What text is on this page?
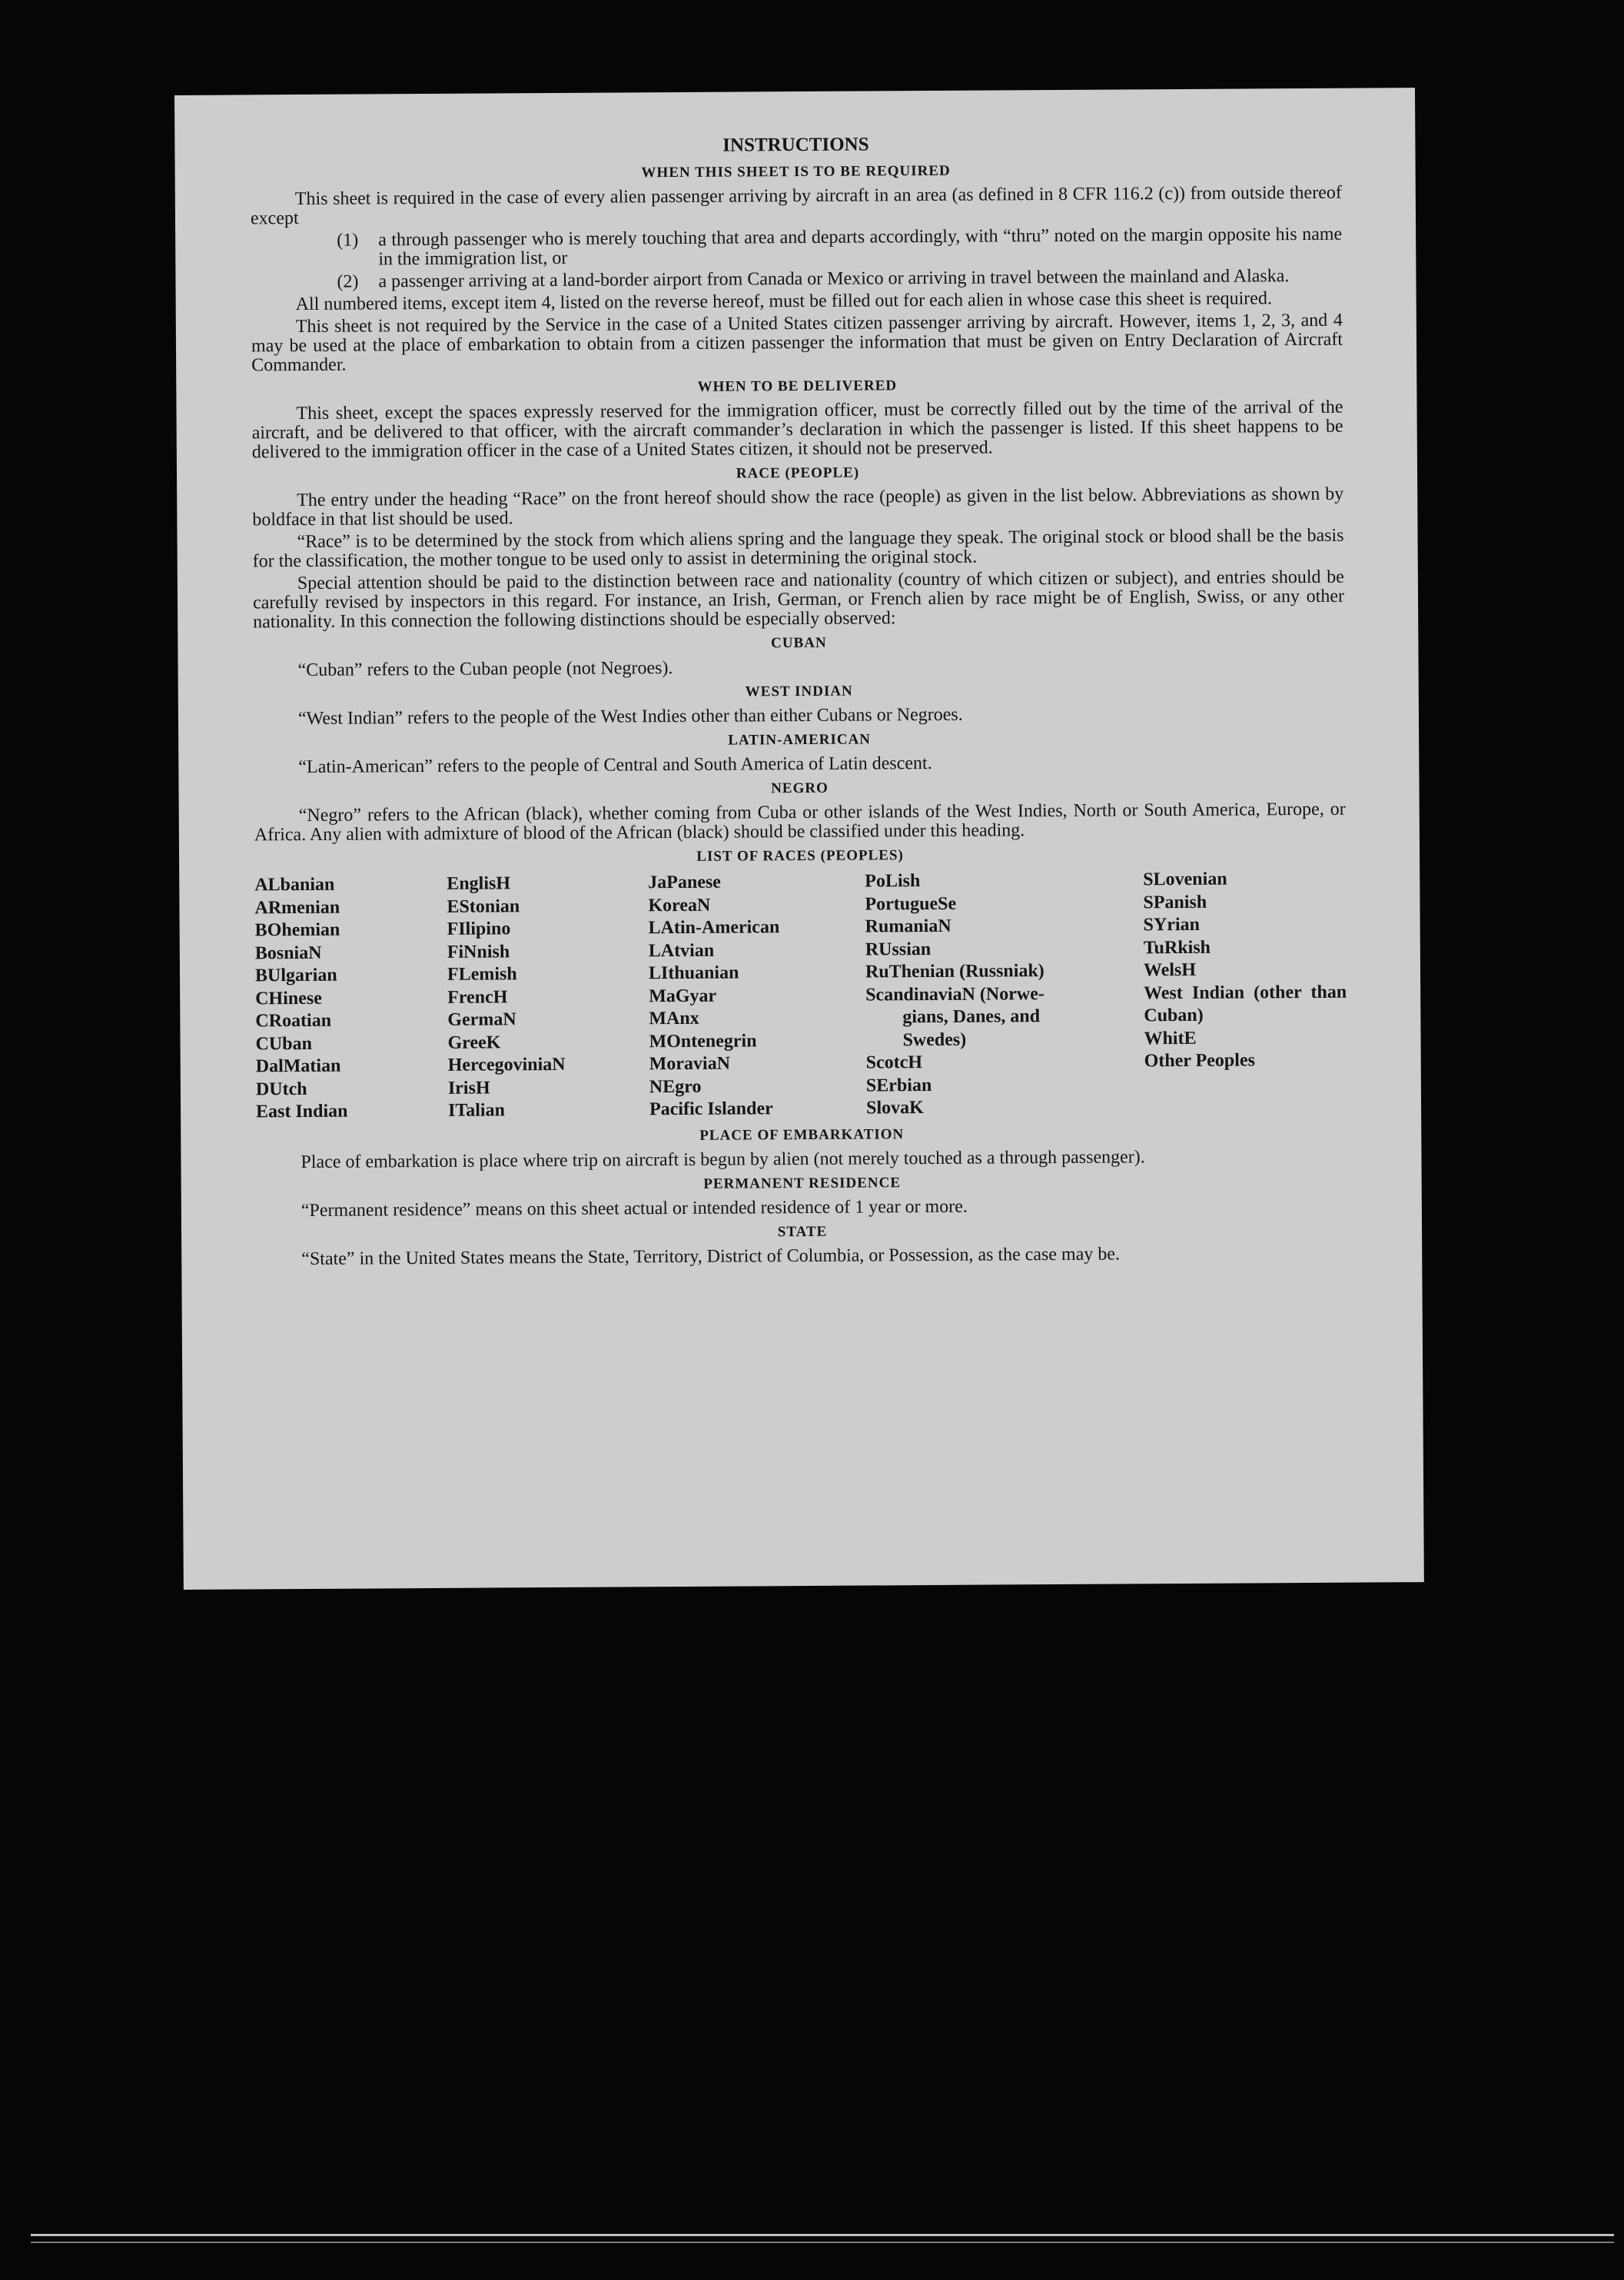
INSTRUCTIONS
WHEN THIS SHEET IS TO BE REQUIRED

This sheet is required in the case of every alien passenger arriving by aircraft in an area (as defined in 8 CFR 116.2 (c)) from outside thereof except

(1)	a through passenger who is merely touching that area and departs accordingly, with “thru” noted on the margin opposite his name in the immigration list, or
(2)	a passenger arriving at a land-border airport from Canada or Mexico or arriving in travel between the mainland and Alaska.

All numbered items, except item 4, listed on the reverse hereof, must be filled out for each alien in whose case this sheet is required.

This sheet is not required by the Service in the case of a United States citizen passenger arriving by aircraft. However, items 1, 2, 3, and 4 may be used at the place of embarkation to obtain from a citizen passenger the information that must be given on Entry Declaration of Aircraft Commander.

WHEN TO BE DELIVERED

This sheet, except the spaces expressly reserved for the immigration officer, must be correctly filled out by the time of the arrival of the aircraft, and be delivered to that officer, with the aircraft commander’s declaration in which the passenger is listed. If this sheet happens to be delivered to the immigration officer in the case of a United States citizen, it should not be preserved.

RACE (PEOPLE)

The entry under the heading “Race” on the front hereof should show the race (people) as given in the list below. Abbreviations as shown by boldface in that list should be used.

“Race” is to be determined by the stock from which aliens spring and the language they speak. The original stock or blood shall be the basis for the classification, the mother tongue to be used only to assist in determining the original stock.

Special attention should be paid to the distinction between race and nationality (country of which citizen or subject), and entries should be carefully revised by inspectors in this regard. For instance, an Irish, German, or French alien by race might be of English, Swiss, or any other nationality. In this connection the following distinctions should be especially observed:

CUBAN

“Cuban” refers to the Cuban people (not Negroes).

WEST INDIAN

“West Indian” refers to the people of the West Indies other than either Cubans or Negroes.

LATIN-AMERICAN

“Latin-American” refers to the people of Central and South America of Latin descent.

NEGRO

“Negro” refers to the African (black), whether coming from Cuba or other islands of the West Indies, North or South America, Europe, or Africa. Any alien with admixture of blood of the African (black) should be classified under this heading.

LIST OF RACES (PEOPLES)
ALbanian
ARmenian
BOhemian
BosniaN
BUlgarian
CHinese
CRoatian
CUban
DalMatian
DUtch
East Indian
EnglisH
EStonian
FIlipino
FiNnish
FLemish
FrencH
GermaN
GreeK
HercegoviniaN
IrisH
ITalian
JaPanese
KoreaN
LAtin-American
LAtvian
LIthuanian
MaGyar
MAnx
MOntenegrin
MoraviaN
NEgro
Pacific Islander
PoLish
PortugueSe
RumaniaN
RUssian
RuThenian (Russniak)
ScandinaviaN (Norwe-
gians, Danes, and
Swedes)
ScotcH
SErbian
SlovaK
SLovenian
SPanish
SYrian
TuRkish
WelsH
West Indian (other than Cuban)
WhitE
Other Peoples
PLACE OF EMBARKATION

Place of embarkation is place where trip on aircraft is begun by alien (not merely touched as a through passenger).

PERMANENT RESIDENCE

“Permanent residence” means on this sheet actual or intended residence of 1 year or more.

STATE

“State” in the United States means the State, Territory, District of Columbia, or Possession, as the case may be.
